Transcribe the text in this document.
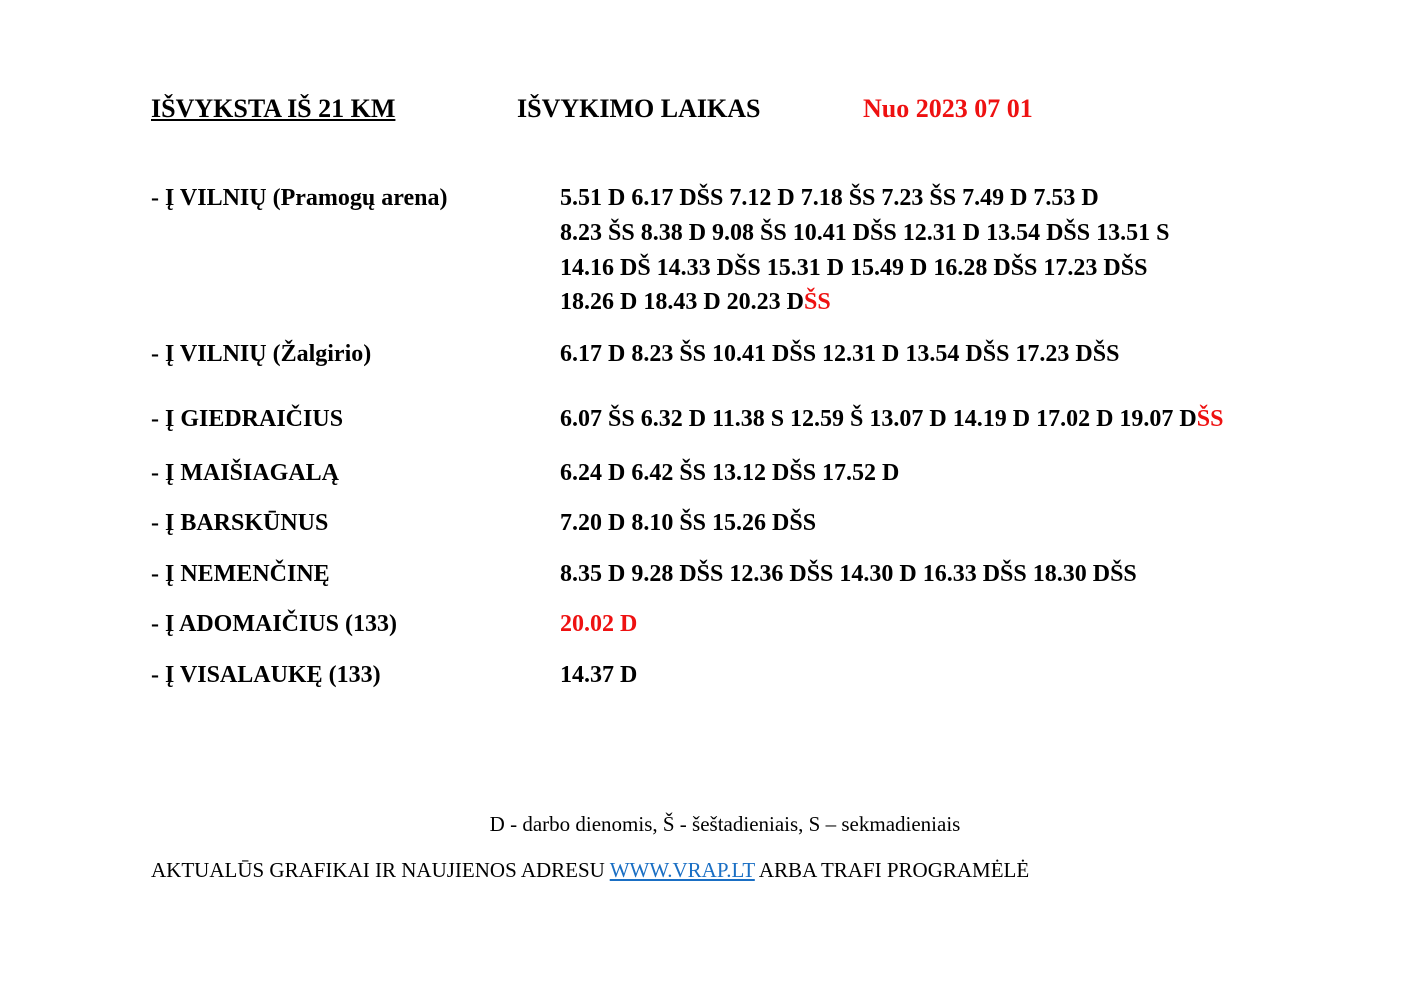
IŠVYKSTA IŠ 21 KM	IŠVYKIMO LAIKAS	Nuo 2023 07 01
- Į VILNIŲ (Pramogų arena)	5.51 D 6.17 DŠS 7.12 D 7.18 ŠS 7.23 ŠS 7.49 D 7.53 D
8.23 ŠS 8.38 D 9.08 ŠS 10.41 DŠS 12.31 D 13.54 DŠS 13.51 S
14.16 DŠ 14.33 DŠS 15.31 D 15.49 D 16.28 DŠS 17.23 DŠS
18.26 D 18.43 D 20.23 DŠS
- Į VILNIŲ (Žalgirio)	6.17 D 8.23 ŠS 10.41 DŠS 12.31 D 13.54 DŠS 17.23 DŠS
- Į GIEDRAIČIUS	6.07 ŠS 6.32 D 11.38 S 12.59 Š 13.07 D 14.19 D 17.02 D 19.07 DŠS
- Į MAIŠIAGALĄ	6.24 D 6.42 ŠS 13.12 DŠS 17.52 D
- Į BARSKŪNUS	7.20 D 8.10 ŠS 15.26 DŠS
- Į NEMENČINĘ	8.35 D 9.28 DŠS 12.36 DŠS 14.30 D 16.33 DŠS 18.30 DŠS
- Į ADOMAIČIUS (133)	20.02 D
- Į VISALAUKĘ (133)	14.37 D
D - darbo dienomis, Š - šeštadieniais, S – sekmadieniais
AKTUALŪS GRAFIKAI IR NAUJIENOS ADRESU WWW.VRAP.LT ARBA TRAFI PROGRAMĖLĖ
